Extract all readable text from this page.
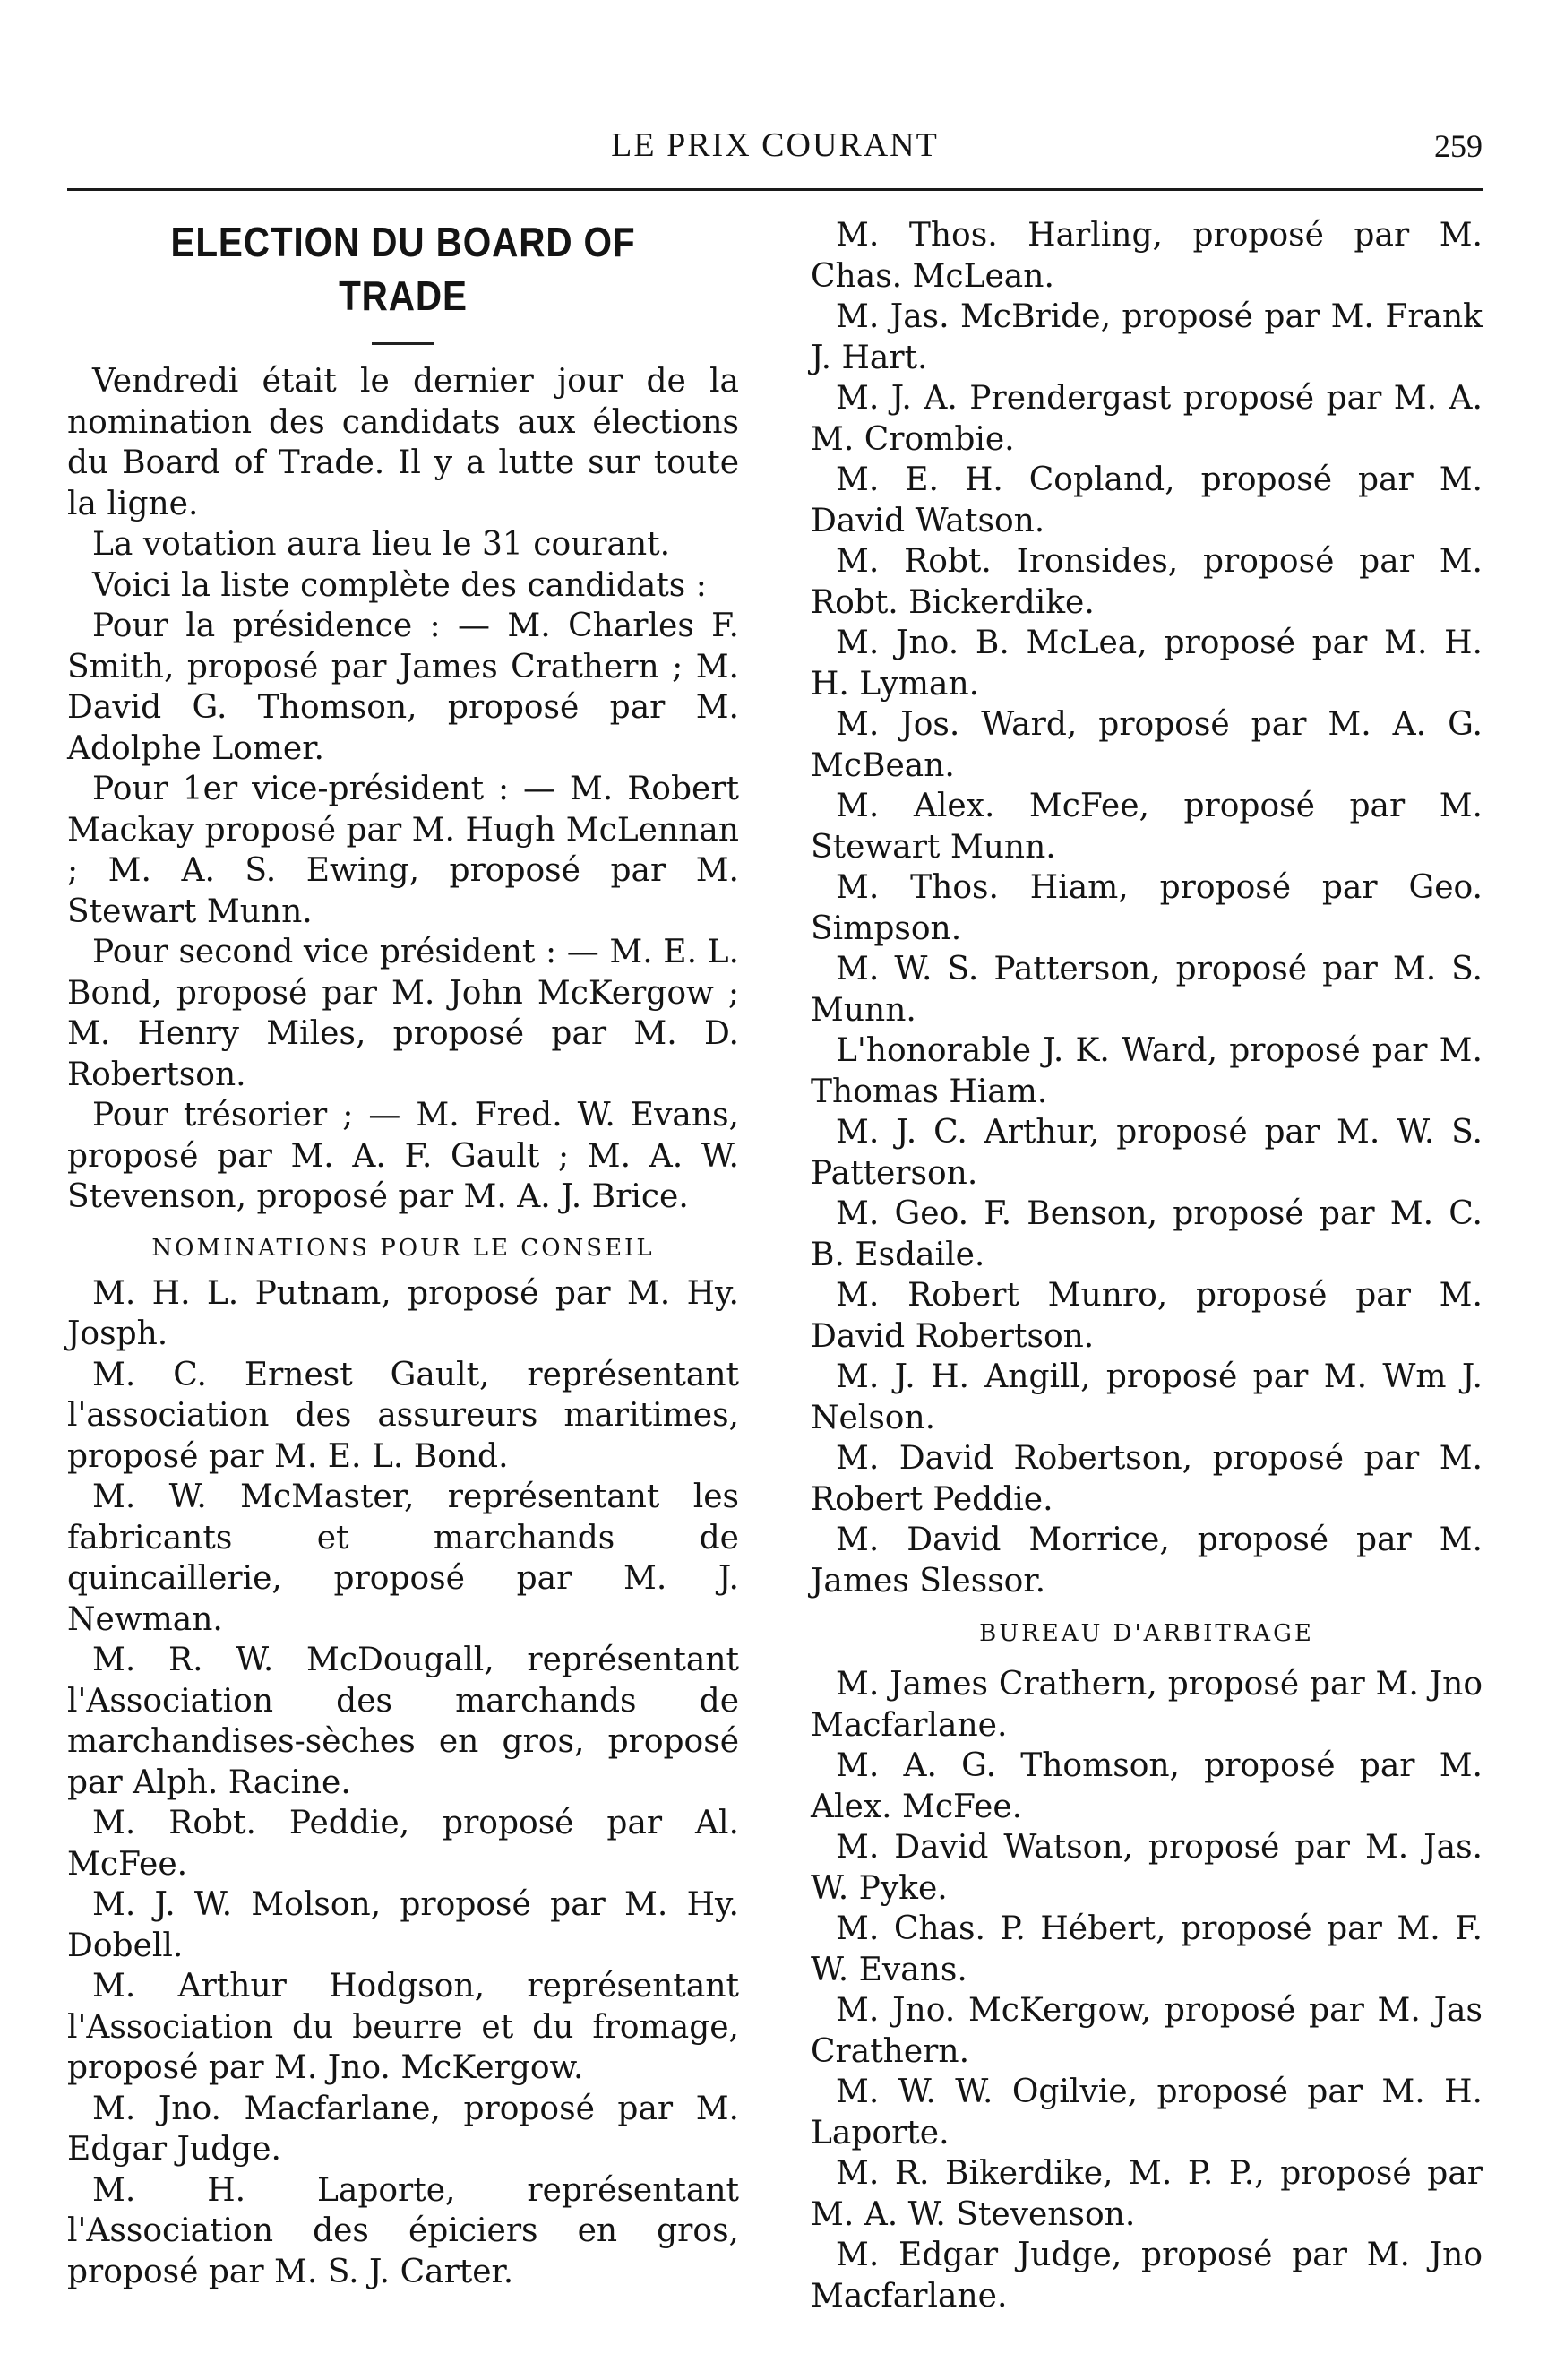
LE PRIX COURANT	259
ELECTION DU BOARD OF TRADE

Vendredi était le dernier jour de la nomination des candidats aux élections du Board of Trade. Il y a lutte sur toute la ligne.

La votation aura lieu le 31 courant.

Voici la liste complète des candidats :

Pour la présidence : — M. Charles F. Smith, proposé par James Crathern ; M. David G. Thomson, proposé par M. Adolphe Lomer.

Pour 1er vice-président : — M. Robert Mackay proposé par M. Hugh McLennan ; M. A. S. Ewing, proposé par M. Stewart Munn.

Pour second vice président : — M. E. L. Bond, proposé par M. John McKergow ; M. Henry Miles, proposé par M. D. Robertson.

Pour trésorier ; — M. Fred. W. Evans, proposé par M. A. F. Gault ; M. A. W. Stevenson, proposé par M. A. J. Brice.

NOMINATIONS POUR LE CONSEIL

M. H. L. Putnam, proposé par M. Hy. Josph.

M. C. Ernest Gault, représentant l'association des assureurs maritimes, proposé par M. E. L. Bond.

M. W. McMaster, représentant les fabricants et marchands de quincaillerie, proposé par M. J. Newman.

M. R. W. McDougall, représentant l'Association des marchands de marchandises-sèches en gros, proposé par Alph. Racine.

M. Robt. Peddie, proposé par Al. McFee.

M. J. W. Molson, proposé par M. Hy. Dobell.

M. Arthur Hodgson, représentant l'Association du beurre et du fromage, proposé par M. Jno. McKergow.

M. Jno. Macfarlane, proposé par M. Edgar Judge.

M. H. Laporte, représentant l'Association des épiciers en gros, proposé par M. S. J. Carter.

M. Thos. Harling, proposé par M. Chas. McLean.

M. Jas. McBride, proposé par M. Frank J. Hart.

M. J. A. Prendergast proposé par M. A. M. Crombie.

M. E. H. Copland, proposé par M. David Watson.

M. Robt. Ironsides, proposé par M. Robt. Bickerdike.

M. Jno. B. McLea, proposé par M. H. H. Lyman.

M. Jos. Ward, proposé par M. A. G. McBean.

M. Alex. McFee, proposé par M. Stewart Munn.

M. Thos. Hiam, proposé par Geo. Simpson.

M. W. S. Patterson, proposé par M. S. Munn.

L'honorable J. K. Ward, proposé par M. Thomas Hiam.

M. J. C. Arthur, proposé par M. W. S. Patterson.

M. Geo. F. Benson, proposé par M. C. B. Esdaile.

M. Robert Munro, proposé par M. David Robertson.

M. J. H. Angill, proposé par M. Wm J. Nelson.

M. David Robertson, proposé par M. Robert Peddie.

M. David Morrice, proposé par M. James Slessor.

BUREAU D'ARBITRAGE

M. James Crathern, proposé par M. Jno Macfarlane.

M. A. G. Thomson, proposé par M. Alex. McFee.

M. David Watson, proposé par M. Jas. W. Pyke.

M. Chas. P. Hébert, proposé par M. F. W. Evans.

M. Jno. McKergow, proposé par M. Jas Crathern.

M. W. W. Ogilvie, proposé par M. H. Laporte.

M. R. Bikerdike, M. P. P., proposé par M. A. W. Stevenson.

M. Edgar Judge, proposé par M. Jno Macfarlane.
